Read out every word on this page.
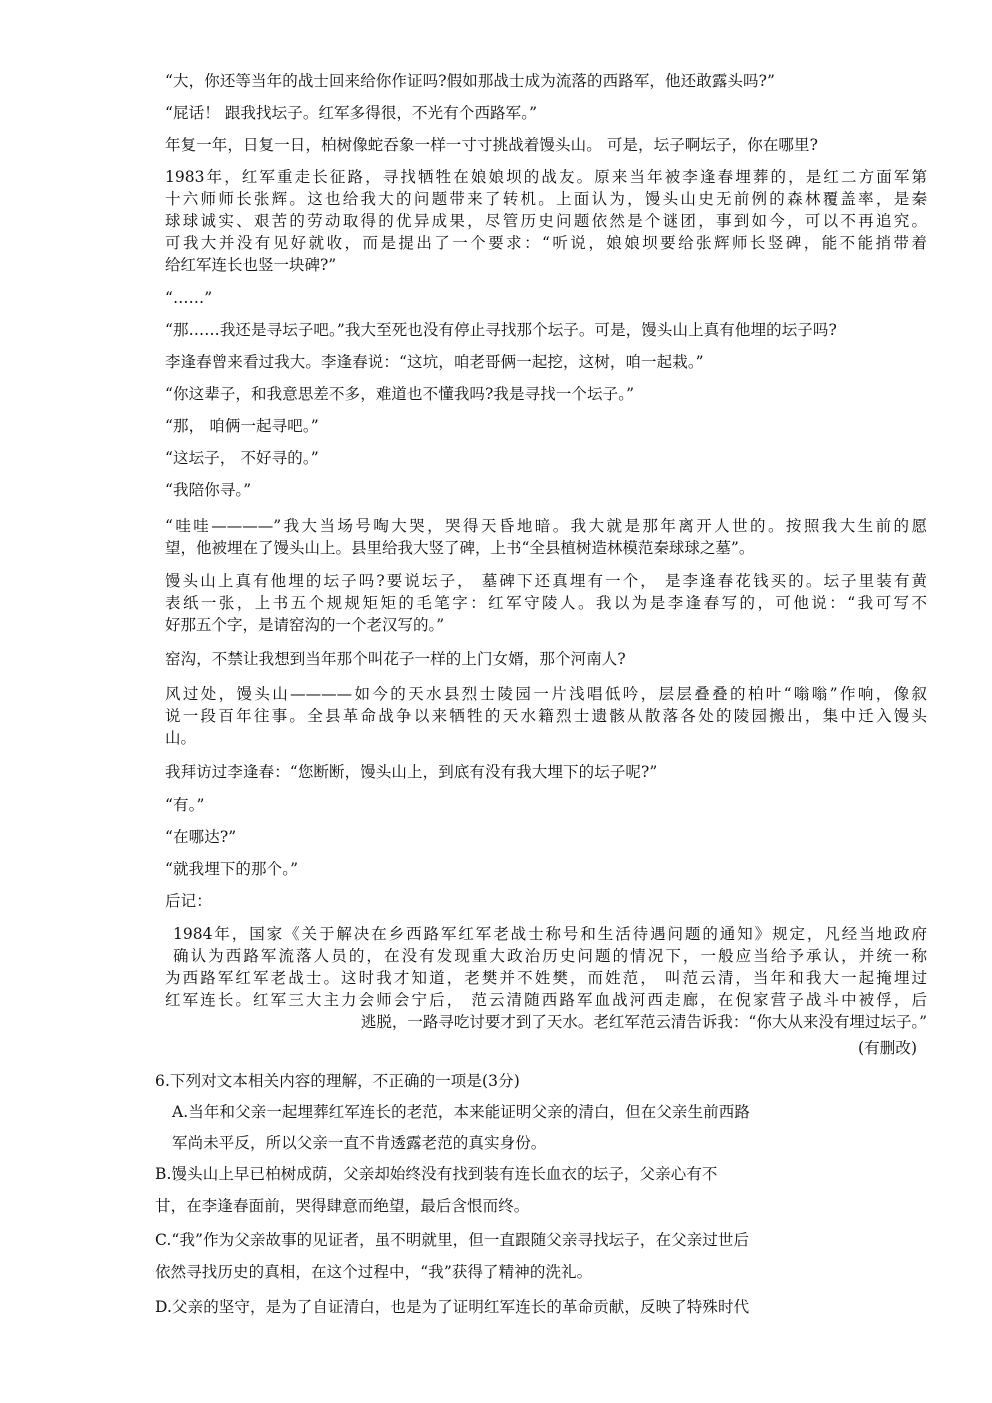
“大，你还等当年的战士回来给你作证吗?假如那战士成为流落的西路军，他还敢露头吗?”
“屁话！ 跟我找坛子。红军多得很，不光有个西路军。”
年复一年，日复一日，柏树像蛇吞象一样一寸寸挑战着馒头山。 可是，坛子啊坛子，你在哪里?
1983年，红军重走长征路，寻找牺牲在娘娘坝的战友。原来当年被李逢春埋葬的，是红二方面军第
十六师师长张辉。这也给我大的问题带来了转机。上面认为，馒头山史无前例的森林覆盖率，是秦
球球诚实、艰苦的劳动取得的优异成果，尽管历史问题依然是个谜团，事到如今，可以不再追究。
可我大并没有见好就收，而是提出了一个要求：“听说，娘娘坝要给张辉师长竖碑，能不能捎带着
给红军连长也竖一块碑?”
“……”
“那……我还是寻坛子吧。”我大至死也没有停止寻找那个坛子。可是，馒头山上真有他埋的坛子吗?
李逢春曾来看过我大。李逢春说：“这坑，咱老哥俩一起挖，这树，咱一起栽。”
“你这辈子，和我意思差不多，难道也不懂我吗?我是寻找一个坛子。”
“那， 咱俩一起寻吧。”
“这坛子， 不好寻的。”
“我陪你寻。”
“哇哇————”我大当场号啕大哭，哭得天昏地暗。我大就是那年离开人世的。按照我大生前的愿
望，他被埋在了馒头山上。县里给我大竖了碑，上书“全县植树造林模范秦球球之墓”。
馒头山上真有他埋的坛子吗?要说坛子， 墓碑下还真埋有一个， 是李逢春花钱买的。坛子里装有黄
表纸一张，上书五个规规矩矩的毛笔字：红军守陵人。我以为是李逢春写的，可他说：“我可写不
好那五个字，是请窑沟的一个老汉写的。”
窑沟，不禁让我想到当年那个叫花子一样的上门女婿，那个河南人?
风过处，馒头山————如今的天水县烈士陵园一片浅唱低吟，层层叠叠的柏叶“嗡嗡”作响，像叙
说一段百年往事。全县革命战争以来牺牲的天水籍烈士遗骸从散落各处的陵园搬出，集中迁入馒头
山。
我拜访过李逢春：“您断断，馒头山上，到底有没有我大埋下的坛子呢?”
“有。”
“在哪达?”
“就我埋下的那个。”
后记：
1984年，国家《关于解决在乡西路军红军老战士称号和生活待遇问题的通知》规定，凡经当地政府
确认为西路军流落人员的，在没有发现重大政治历史问题的情况下，一般应当给予承认，并统一称
为西路军红军老战士。这时我才知道，老樊并不姓樊，而姓范， 叫范云清，当年和我大一起掩埋过
红军连长。红军三大主力会师会宁后， 范云清随西路军血战河西走廊，在倪家营子战斗中被俘，后
逃脱，一路寻吃讨要才到了天水。老红军范云清告诉我：“你大从来没有埋过坛子。”
(有删改)
6.下列对文本相关内容的理解，不正确的一项是(3分)
A.当年和父亲一起埋葬红军连长的老范，本来能证明父亲的清白，但在父亲生前西路
军尚未平反，所以父亲一直不肯透露老范的真实身份。
B.馒头山上早已柏树成荫，父亲却始终没有找到装有连长血衣的坛子，父亲心有不
甘，在李逢春面前，哭得肆意而绝望，最后含恨而终。
C.“我”作为父亲故事的见证者，虽不明就里，但一直跟随父亲寻找坛子，在父亲过世后
依然寻找历史的真相，在这个过程中，“我”获得了精神的洗礼。
D.父亲的坚守，是为了自证清白，也是为了证明红军连长的革命贡献，反映了特殊时代
